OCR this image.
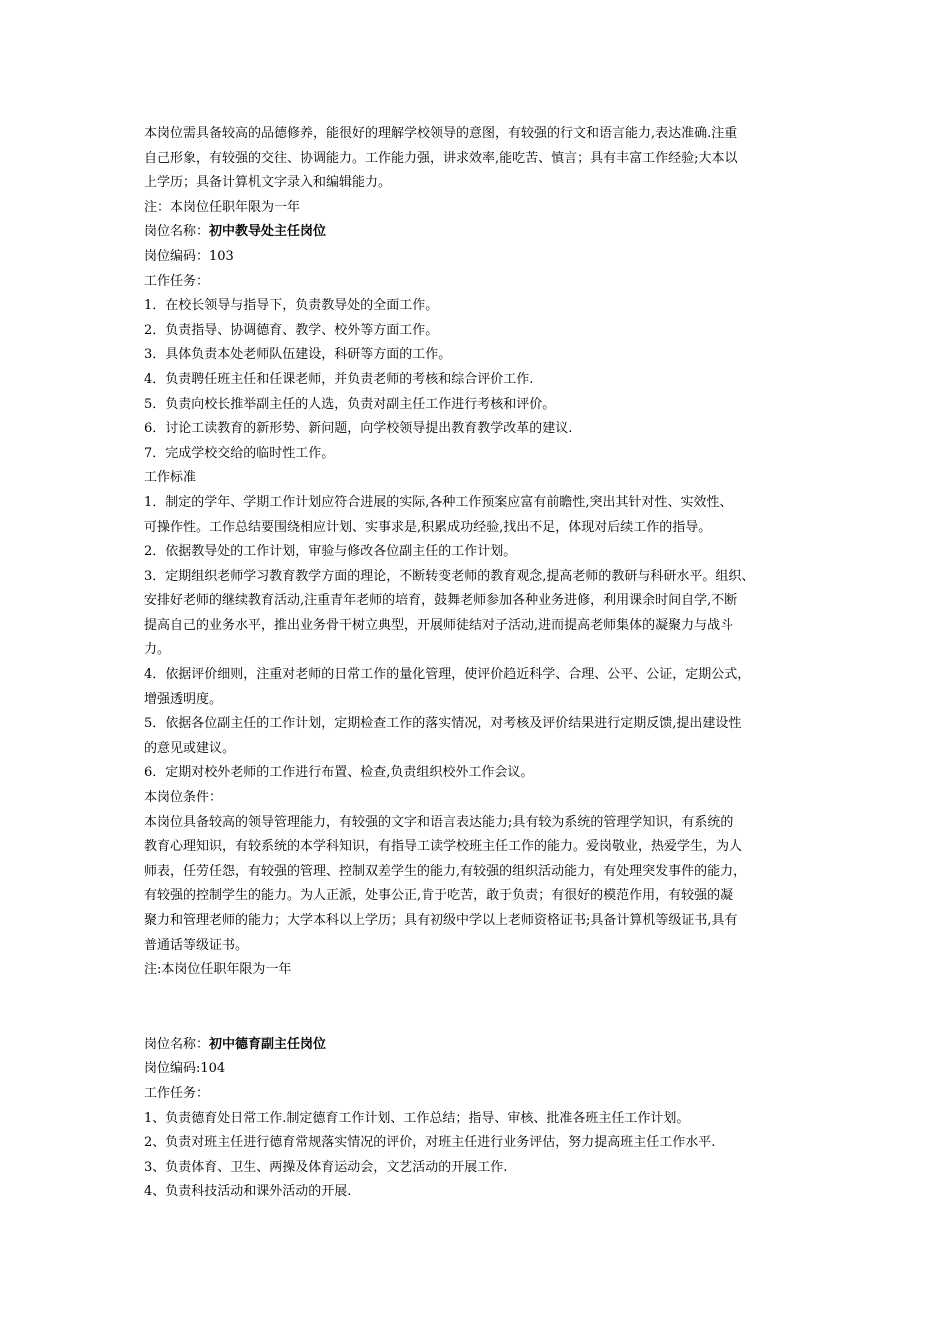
本岗位需具备较高的品德修养，能很好的理解学校领导的意图，有较强的行文和语言能力,表达准确.注重
自己形象，有较强的交往、协调能力。工作能力强，讲求效率,能吃苦、慎言；具有丰富工作经验;大本以
上学历；具备计算机文字录入和编辑能力。
注：本岗位任职年限为一年
岗位名称：初中教导处主任岗位
岗位编码：103
工作任务：
1．在校长领导与指导下，负责教导处的全面工作。
2．负责指导、协调德育、教学、校外等方面工作。
3．具体负责本处老师队伍建设，科研等方面的工作。
4．负责聘任班主任和任课老师，并负责老师的考核和综合评价工作.
5．负责向校长推举副主任的人选，负责对副主任工作进行考核和评价。
6．讨论工读教育的新形势、新问题，向学校领导提出教育教学改革的建议.
7．完成学校交给的临时性工作。
工作标准
1．制定的学年、学期工作计划应符合进展的实际,各种工作预案应富有前瞻性,突出其针对性、实效性、
可操作性。工作总结要围绕相应计划、实事求是,积累成功经验,找出不足，体现对后续工作的指导。
2．依据教导处的工作计划，审验与修改各位副主任的工作计划。
3．定期组织老师学习教育教学方面的理论，不断转变老师的教育观念,提高老师的教研与科研水平。组织、
安排好老师的继续教育活动,注重青年老师的培育，鼓舞老师参加各种业务进修，利用课余时间自学,不断
提高自己的业务水平，推出业务骨干树立典型，开展师徒结对子活动,进而提高老师集体的凝聚力与战斗
力。
4．依据评价细则，注重对老师的日常工作的量化管理，使评价趋近科学、合理、公平、公证，定期公式，
增强透明度。
5．依据各位副主任的工作计划，定期检查工作的落实情况，对考核及评价结果进行定期反馈,提出建设性
的意见或建议。
6．定期对校外老师的工作进行布置、检查,负责组织校外工作会议。
本岗位条件：
本岗位具备较高的领导管理能力，有较强的文字和语言表达能力;具有较为系统的管理学知识，有系统的
教育心理知识，有较系统的本学科知识，有指导工读学校班主任工作的能力。爱岗敬业，热爱学生，为人
师表，任劳任怨，有较强的管理、控制双差学生的能力,有较强的组织活动能力，有处理突发事件的能力，
有较强的控制学生的能力。为人正派，处事公正,肯于吃苦，敢于负责；有很好的模范作用，有较强的凝
聚力和管理老师的能力；大学本科以上学历；具有初级中学以上老师资格证书;具备计算机等级证书,具有
普通话等级证书。
注:本岗位任职年限为一年
岗位名称：初中德育副主任岗位
岗位编码:104
工作任务：
1、负责德育处日常工作.制定德育工作计划、工作总结；指导、审核、批准各班主任工作计划。
2、负责对班主任进行德育常规落实情况的评价，对班主任进行业务评估，努力提高班主任工作水平.
3、负责体育、卫生、两操及体育运动会，文艺活动的开展工作.
4、负责科技活动和课外活动的开展.
